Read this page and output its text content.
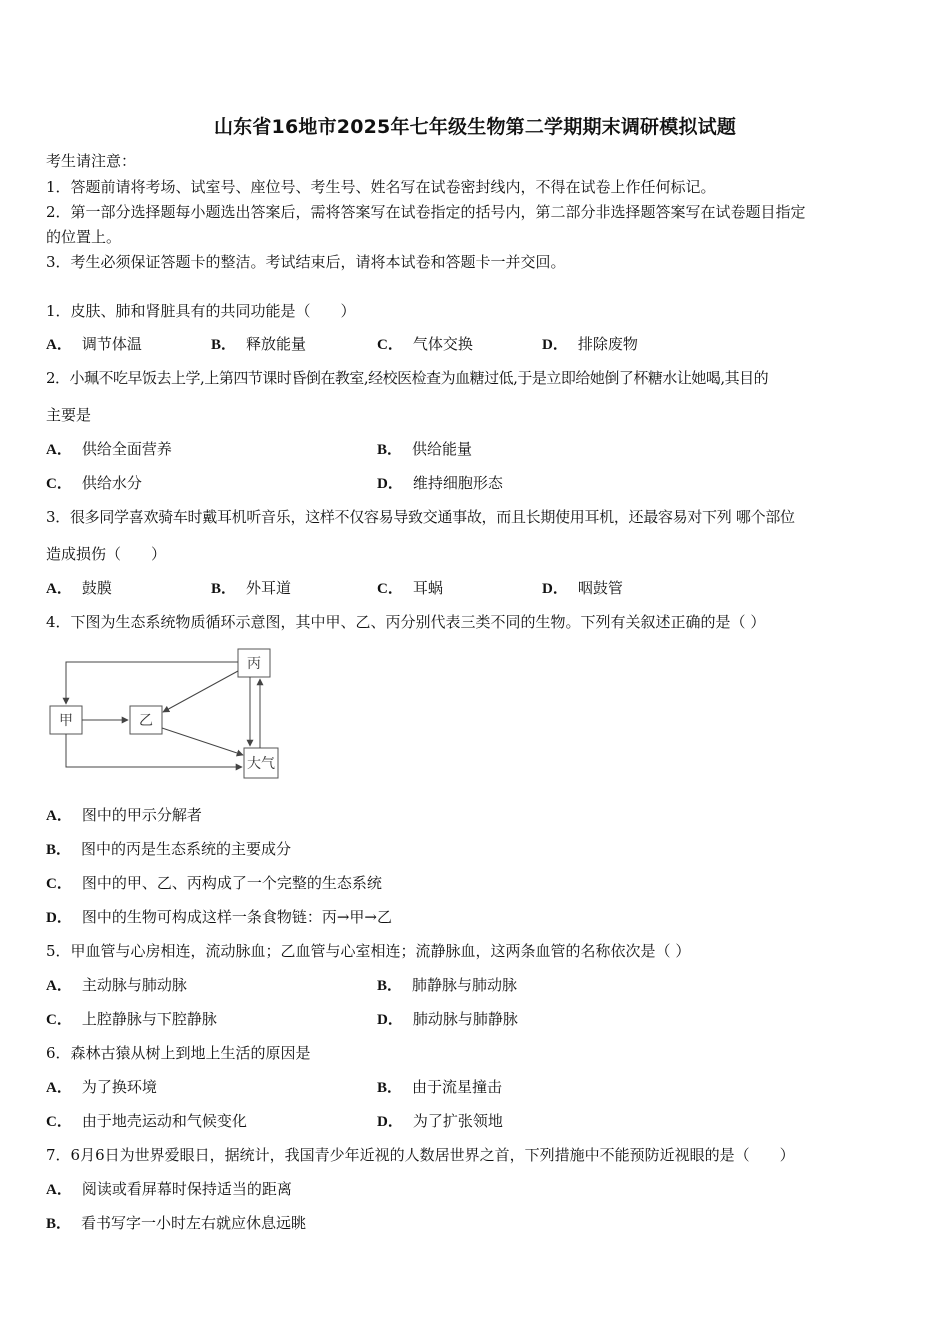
山东省16地市2025年七年级生物第二学期期末调研模拟试题
考生请注意：
1．答题前请将考场、试室号、座位号、考生号、姓名写在试卷密封线内，不得在试卷上作任何标记。
2．第一部分选择题每小题选出答案后，需将答案写在试卷指定的括号内，第二部分非选择题答案写在试卷题目指定
的位置上。
3．考生必须保证答题卡的整洁。考试结束后，请将本试卷和答题卡一并交回。
1．皮肤、肺和肾脏具有的共同功能是（　　）
A． 调节体温	B． 释放能量	C． 气体交换	D． 排除废物
2．小珮不吃早饭去上学,上第四节课时昏倒在教室,经校医检查为血糖过低,于是立即给她倒了杯糖水让她喝,其目的
主要是
A． 供给全面营养	B． 供给能量
C． 供给水分	D． 维持细胞形态
3．很多同学喜欢骑车时戴耳机听音乐，这样不仅容易导致交通事故，而且长期使用耳机，还最容易对下列 哪个部位
造成损伤（　　）
A． 鼓膜	B． 外耳道	C． 耳蜗	D． 咽鼓管
4．下图为生态系统物质循环示意图，其中甲、乙、丙分别代表三类不同的生物。下列有关叙述正确的是（ ）
甲	乙
丙
大气
A． 图中的甲示分解者
B． 图中的丙是生态系统的主要成分
C． 图中的甲、乙、丙构成了一个完整的生态系统
D． 图中的生物可构成这样一条食物链：丙→甲→乙
5．甲血管与心房相连，流动脉血；乙血管与心室相连；流静脉血，这两条血管的名称依次是（ ）
A． 主动脉与肺动脉	B． 肺静脉与肺动脉
C． 上腔静脉与下腔静脉	D． 肺动脉与肺静脉
6．森林古猿从树上到地上生活的原因是
A． 为了换环境	B． 由于流星撞击
C． 由于地壳运动和气候变化	D． 为了扩张领地
7．6月6日为世界爱眼日，据统计，我国青少年近视的人数居世界之首，下列措施中不能预防近视眼的是（　　）
A． 阅读或看屏幕时保持适当的距离
B． 看书写字一小时左右就应休息远眺
